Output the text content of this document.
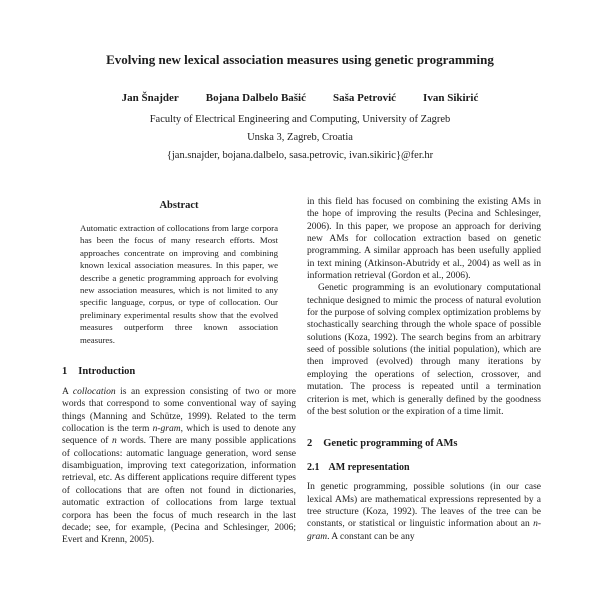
Evolving new lexical association measures using genetic programming
Jan Šnajder Bojana Dalbelo Bašić Saša Petrović Ivan Sikirić
Faculty of Electrical Engineering and Computing, University of Zagreb
Unska 3, Zagreb, Croatia
{jan.snajder, bojana.dalbelo, sasa.petrovic, ivan.sikiric}@fer.hr
Abstract
Automatic extraction of collocations from large corpora has been the focus of many research efforts. Most approaches concentrate on improving and combining known lexical association measures. In this paper, we describe a genetic programming approach for evolving new association measures, which is not limited to any specific language, corpus, or type of collocation. Our preliminary experimental results show that the evolved measures outperform three known association measures.
1 Introduction

A collocation is an expression consisting of two or more words that correspond to some conventional way of saying things (Manning and Schütze, 1999). Related to the term collocation is the term n-gram, which is used to denote any sequence of n words. There are many possible applications of collocations: automatic language generation, word sense disambiguation, improving text categorization, information retrieval, etc. As different applications require different types of collocations that are often not found in dictionaries, automatic extraction of collocations from large textual corpora has been the focus of much research in the last decade; see, for example, (Pecina and Schlesinger, 2006; Evert and Krenn, 2005).

in this field has focused on combining the existing AMs in the hope of improving the results (Pecina and Schlesinger, 2006). In this paper, we propose an approach for deriving new AMs for collocation extraction based on genetic programming. A similar approach has been usefully applied in text mining (Atkinson-Abutridy et al., 2004) as well as in information retrieval (Gordon et al., 2006).

Genetic programming is an evolutionary computational technique designed to mimic the process of natural evolution for the purpose of solving complex optimization problems by stochastically searching through the whole space of possible solutions (Koza, 1992). The search begins from an arbitrary seed of possible solutions (the initial population), which are then improved (evolved) through many iterations by employing the operations of selection, crossover, and mutation. The process is repeated until a termination criterion is met, which is generally defined by the goodness of the best solution or the expiration of a time limit.

2 Genetic programming of AMs
2.1 AM representation

In genetic programming, possible solutions (in our case lexical AMs) are mathematical expressions represented by a tree structure (Koza, 1992). The leaves of the tree can be constants, or statistical or linguistic information about an n-gram. A constant can be any
